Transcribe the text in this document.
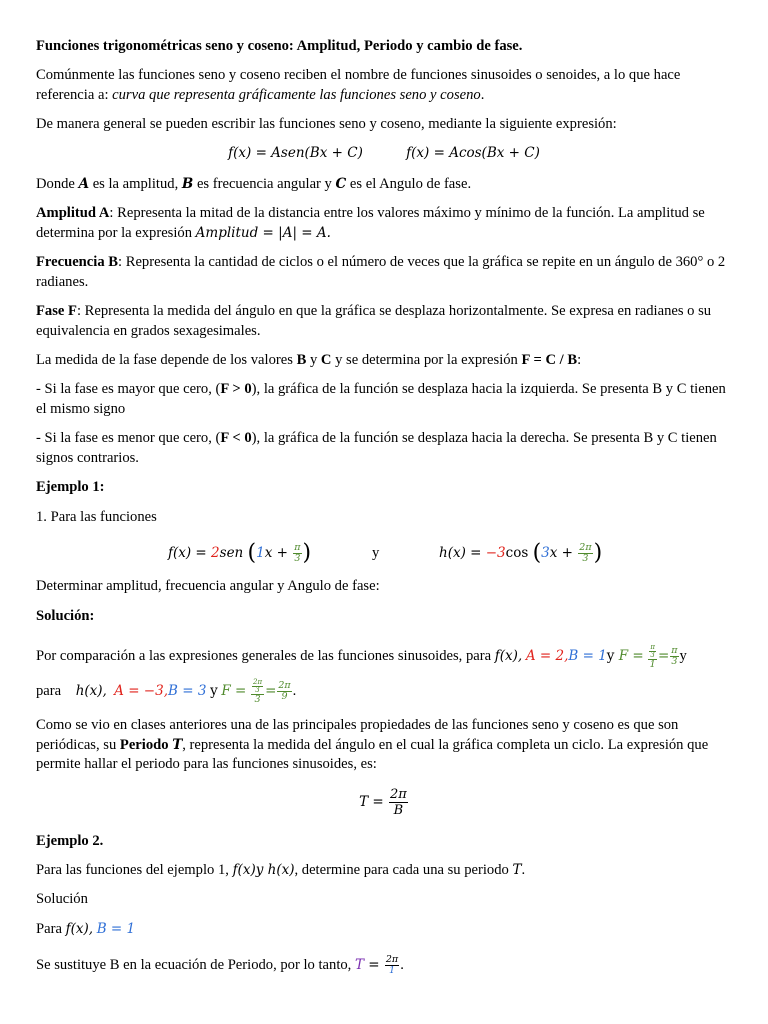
Funciones trigonométricas seno y coseno: Amplitud, Periodo y cambio de fase.

Comúnmente las funciones seno y coseno reciben el nombre de funciones sinusoides o senoides, a lo que hace referencia a: curva que representa gráficamente las funciones seno y coseno.

De manera general se pueden escribir las funciones seno y coseno, mediante la siguiente expresión:

f(x) = Asen(Bx + C)	f(x) = Acos(Bx + C)

Donde A es la amplitud, B es frecuencia angular y C es el Angulo de fase.

Amplitud A: Representa la mitad de la distancia entre los valores máximo y mínimo de la función. La amplitud se determina por la expresión Amplitud = |A| = A.

Frecuencia B: Representa la cantidad de ciclos o el número de veces que la gráfica se repite en un ángulo de 360° o 2 radianes.

Fase F: Representa la medida del ángulo en que la gráfica se desplaza horizontalmente. Se expresa en radianes o su equivalencia en grados sexagesimales.

La medida de la fase depende de los valores B y C y se determina por la expresión F = C / B:

- Si la fase es mayor que cero, (F > 0), la gráfica de la función se desplaza hacia la izquierda. Se presenta B y C tienen el mismo signo

- Si la fase es menor que cero, (F < 0), la gráfica de la función se desplaza hacia la derecha. Se presenta B y C tienen signos contrarios.

Ejemplo 1:

1. Para las funciones

f(x) = 2sen ($1x + \frac{\pi}{3}$ )	y	h(x) = −3cos ($3x + \frac{2\pi}{3}$ )

Determinar amplitud, frecuencia angular y Angulo de fase:

Solución:

Por comparación a las expresiones generales de las funciones sinusoides, para f(x), A = 2,B = 1y $F = \frac{\frac{\pi}{3}}{1} = \frac{\pi}{3}$ y
para h(x), A = −3,B = 3 y $F = \frac{\frac{2\pi}{3}}{3} = \frac{2\pi}{9}$ .

Como se vio en clases anteriores una de las principales propiedades de las funciones seno y coseno es que son periódicas, su Periodo T, representa la medida del ángulo en el cual la gráfica completa un ciclo. La expresión que permite hallar el periodo para las funciones sinusoides, es:

$T = \frac{2\pi}{B}$

Ejemplo 2.

Para las funciones del ejemplo 1, f(x)y h(x), determine para cada una su periodo T.

Solución

Para f(x), B = 1

Se sustituye B en la ecuación de Periodo, por lo tanto, $T = \frac{2\pi}{1}$ .
